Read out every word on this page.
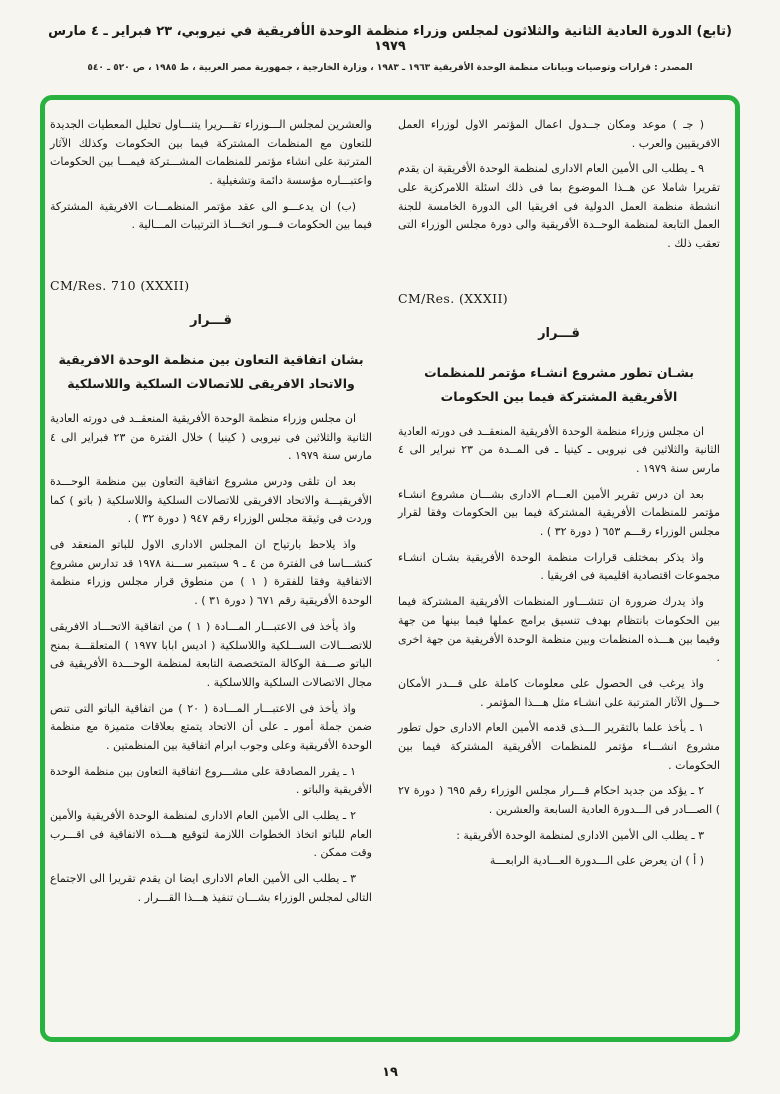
(تابع) الدورة العادية الثانية والثلاثون لمجلس وزراء منظمة الوحدة الأفريقية في نيروبي، ٢٣ فبراير ـ ٤ مارس ١٩٧٩
المصدر : قرارات وتوصيات وبيانات منظمة الوحدة الأفريقية ١٩٦٣ ـ ١٩٨٣ ، وزارة الخارجية ، جمهورية مصر العربية ، ط ١٩٨٥ ، ص ٥٢٠ ـ ٥٤٠

( جـ ) موعد ومكان جــدول اعمال المؤتمر الاول لوزراء العمل الافريقيين والعرب .

٩ ـ يطلب الى الأمين العام الادارى لمنظمة الوحدة الأفريقية ان يقدم تقريرا شاملا عن هــذا الموضوع بما فى ذلك اسئلة اللامركزية على انشطة منظمة العمل الدولية فى افريقيا الى الدورة الخامسة للجنة العمل التابعة لمنظمة الوحــدة الأفريقية والى دورة مجلس الوزراء التى تعقب ذلك .

CM/Res. (XXXII)
قـــرار
بشـان تطور مشروع انشـاء مؤتمر للمنظمات
الأفريقية المشتركة فيما بين الحكومات

ان مجلس وزراء منظمة الوحدة الأفريقية المنعقــد فى دورته العادية الثانية والثلاثين فى نيروبى ـ كينيا ـ فى المــدة من ٢٣ نبراير الى ٤ مارس سنة ١٩٧٩ .

بعد ان درس تقرير الأمين العـــام الادارى بشـــان مشروع انشـاء مؤتمر للمنظمات الأفريقية المشتركة فيما بين الحكومات وفقا لقرار مجلس الوزراء رقـــم ٦٥٣ ( دورة ٣٢ ) .

واذ يذكر بمختلف قرارات منظمة الوحدة الأفريقية بشـان انشـاء مجموعات اقتصادية اقليمية فى افريقيا .

واذ يدرك ضرورة ان تتشـــاور المنظمات الأفريقية المشتركة فيما بين الحكومات بانتظام بهدف تنسيق برامج عملها فيما بينها من جهة وفيما بين هـــذه المنظمات وبين منظمة الوحدة الأفريقية من جهة اخرى .

واذ يرغب فى الحصول على معلومات كاملة على قـــدر الأمكان حـــول الآثار المترتبة على انشـاء مثل هـــذا المؤتمر .

١ ـ يأخذ علما بالتقرير الـــذى قدمه الأمين العام الادارى حول تطور مشروع انشـــاء مؤتمر للمنظمات الأفريقية المشتركة فيما بين الحكومات .

٢ ـ يؤكد من جديد احكام قـــرار مجلس الوزراء رقم ٦٩٥ ( دورة ٢٧ ) الصـــادر فى الـــدورة العادية السابعة والعشرين .

٣ ـ يطلب الى الأمين الادارى لمنظمة الوحدة الأفريقية :

( أ ) ان يعرض على الـــدورة العـــادية الرابعـــة

والعشرين لمجلس الـــوزراء تقـــريرا يتنـــاول تحليل المعطيات الجديدة للتعاون مع المنظمات المشتركة فيما بين الحكومات وكذلك الآثار المترتبة على انشاء مؤتمر للمنظمات المشـــتركة فيمـــا بين الحكومات واعتبـــاره مؤسسة دائمة وتشغيلية .

(ب) ان يدعـــو الى عقد مؤتمر المنظمـــات الافريقية المشتركة فيما بين الحكومات فـــور اتخـــاذ الترتيبات المـــالية .

CM/Res. 710 (XXXII)
قـــرار
بشان اتفاقية التعاون بين منظمة الوحدة الافريقية
والاتحاد الافريقى للاتصالات السلكية واللاسلكية

ان مجلس وزراء منظمة الوحدة الأفريقية المنعقــد فى دورته العادية الثانية والثلاثين فى نيروبى ( كينيا ) خلال الفترة من ٢٣ فبراير الى ٤ مارس سنة ١٩٧٩ .

بعد ان تلقى ودرس مشروع اتفاقية التعاون بين منظمة الوحـــدة الأفريقيـــة والاتحاد الافريقى للاتصالات السلكية واللاسلكية ( باتو ) كما وردت فى وثيقة مجلس الوزراء رقم ٩٤٧ ( دورة ٣٢ ) .

واذ يلاحظ بارتياح ان المجلس الادارى الاول للباتو المنعقد فى كنشـــاسا فى الفترة من ٤ ـ ٩ سبتمبر ســـنة ١٩٧٨ قد تدارس مشروع الاتفاقية وفقا للفقرة ( ١ ) من منطوق قرار مجلس وزراء منظمة الوحدة الأفريقية رقم ٦٧١ ( دورة ٣١ ) .

واذ يأخذ فى الاعتبـــار المـــادة ( ١ ) من اتفاقية الاتحـــاد الافريقى للاتصـــالات الســـلكية واللاسلكية ( اديس ابابا ١٩٧٧ ) المتعلقـــة بمنح الباتو صـــفة الوكالة المتخصصة التابعة لمنظمة الوحـــدة الأفريقية فى مجال الاتصالات السلكية واللاسلكية .

واذ يأخذ فى الاعتبـــار المـــادة ( ٢٠ ) من اتفاقية الباتو التى تنص ضمن جملة أمور ـ على أن الاتحاد يتمتع بعلاقات متميزة مع منظمة الوحدة الأفريقية وعلى وجوب ابرام اتفاقية بين المنظمتين .

١ ـ يقرر المصادقة على مشـــروع اتفاقية التعاون بين منظمة الوحدة الأفريقية والباتو .

٢ ـ يطلب الى الأمين العام الادارى لمنظمة الوحدة الأفريقية والأمين العام للباتو اتخاذ الخطوات اللازمة لتوقيع هـــذه الاتفاقية فى اقـــرب وقت ممكن .

٣ ـ يطلب الى الأمين العام الادارى ايضا ان يقدم تقريرا الى الاجتماع التالى لمجلس الوزراء بشـــان تنفيذ هـــذا القـــرار .

١٩
